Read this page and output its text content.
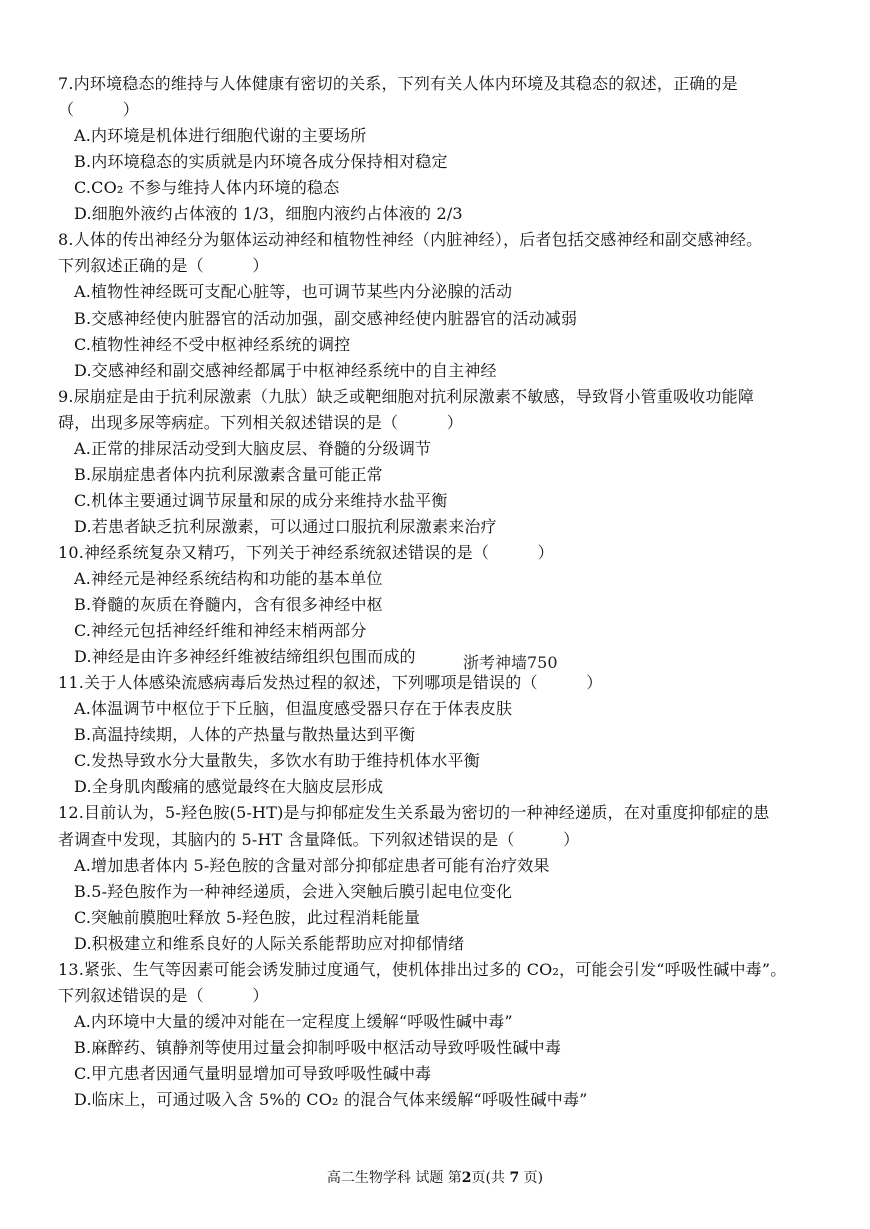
7.内环境稳态的维持与人体健康有密切的关系，下列有关人体内环境及其稳态的叙述，正确的是
（　　　）
A.内环境是机体进行细胞代谢的主要场所
B.内环境稳态的实质就是内环境各成分保持相对稳定
C.CO₂ 不参与维持人体内环境的稳态
D.细胞外液约占体液的 1/3，细胞内液约占体液的 2/3
8.人体的传出神经分为躯体运动神经和植物性神经（内脏神经），后者包括交感神经和副交感神经。
下列叙述正确的是（　　　）
A.植物性神经既可支配心脏等，也可调节某些内分泌腺的活动
B.交感神经使内脏器官的活动加强，副交感神经使内脏器官的活动减弱
C.植物性神经不受中枢神经系统的调控
D.交感神经和副交感神经都属于中枢神经系统中的自主神经
9.尿崩症是由于抗利尿激素（九肽）缺乏或靶细胞对抗利尿激素不敏感，导致肾小管重吸收功能障
碍，出现多尿等病症。下列相关叙述错误的是（　　　）
A.正常的排尿活动受到大脑皮层、脊髓的分级调节
B.尿崩症患者体内抗利尿激素含量可能正常
C.机体主要通过调节尿量和尿的成分来维持水盐平衡
D.若患者缺乏抗利尿激素，可以通过口服抗利尿激素来治疗
10.神经系统复杂又精巧，下列关于神经系统叙述错误的是（　　　）
A.神经元是神经系统结构和功能的基本单位
B.脊髓的灰质在脊髓内，含有很多神经中枢
C.神经元包括神经纤维和神经末梢两部分
D.神经是由许多神经纤维被结缔组织包围而成的
11.关于人体感染流感病毒后发热过程的叙述，下列哪项是错误的（　　　）
A.体温调节中枢位于下丘脑，但温度感受器只存在于体表皮肤
B.高温持续期，人体的产热量与散热量达到平衡
C.发热导致水分大量散失，多饮水有助于维持机体水平衡
D.全身肌肉酸痛的感觉最终在大脑皮层形成
12.目前认为，5-羟色胺(5-HT)是与抑郁症发生关系最为密切的一种神经递质，在对重度抑郁症的患
者调查中发现，其脑内的 5-HT 含量降低。下列叙述错误的是（　　　）
A.增加患者体内 5-羟色胺的含量对部分抑郁症患者可能有治疗效果
B.5-羟色胺作为一种神经递质，会进入突触后膜引起电位变化
C.突触前膜胞吐释放 5-羟色胺，此过程消耗能量
D.积极建立和维系良好的人际关系能帮助应对抑郁情绪
13.紧张、生气等因素可能会诱发肺过度通气，使机体排出过多的 CO₂，可能会引发“呼吸性碱中毒”。
下列叙述错误的是（　　　）
A.内环境中大量的缓冲对能在一定程度上缓解“呼吸性碱中毒”
B.麻醉药、镇静剂等使用过量会抑制呼吸中枢活动导致呼吸性碱中毒
C.甲亢患者因通气量明显增加可导致呼吸性碱中毒
D.临床上，可通过吸入含 5%的 CO₂ 的混合气体来缓解“呼吸性碱中毒”
浙考神墙750
高二生物学科 试题 第2页(共 7 页)
